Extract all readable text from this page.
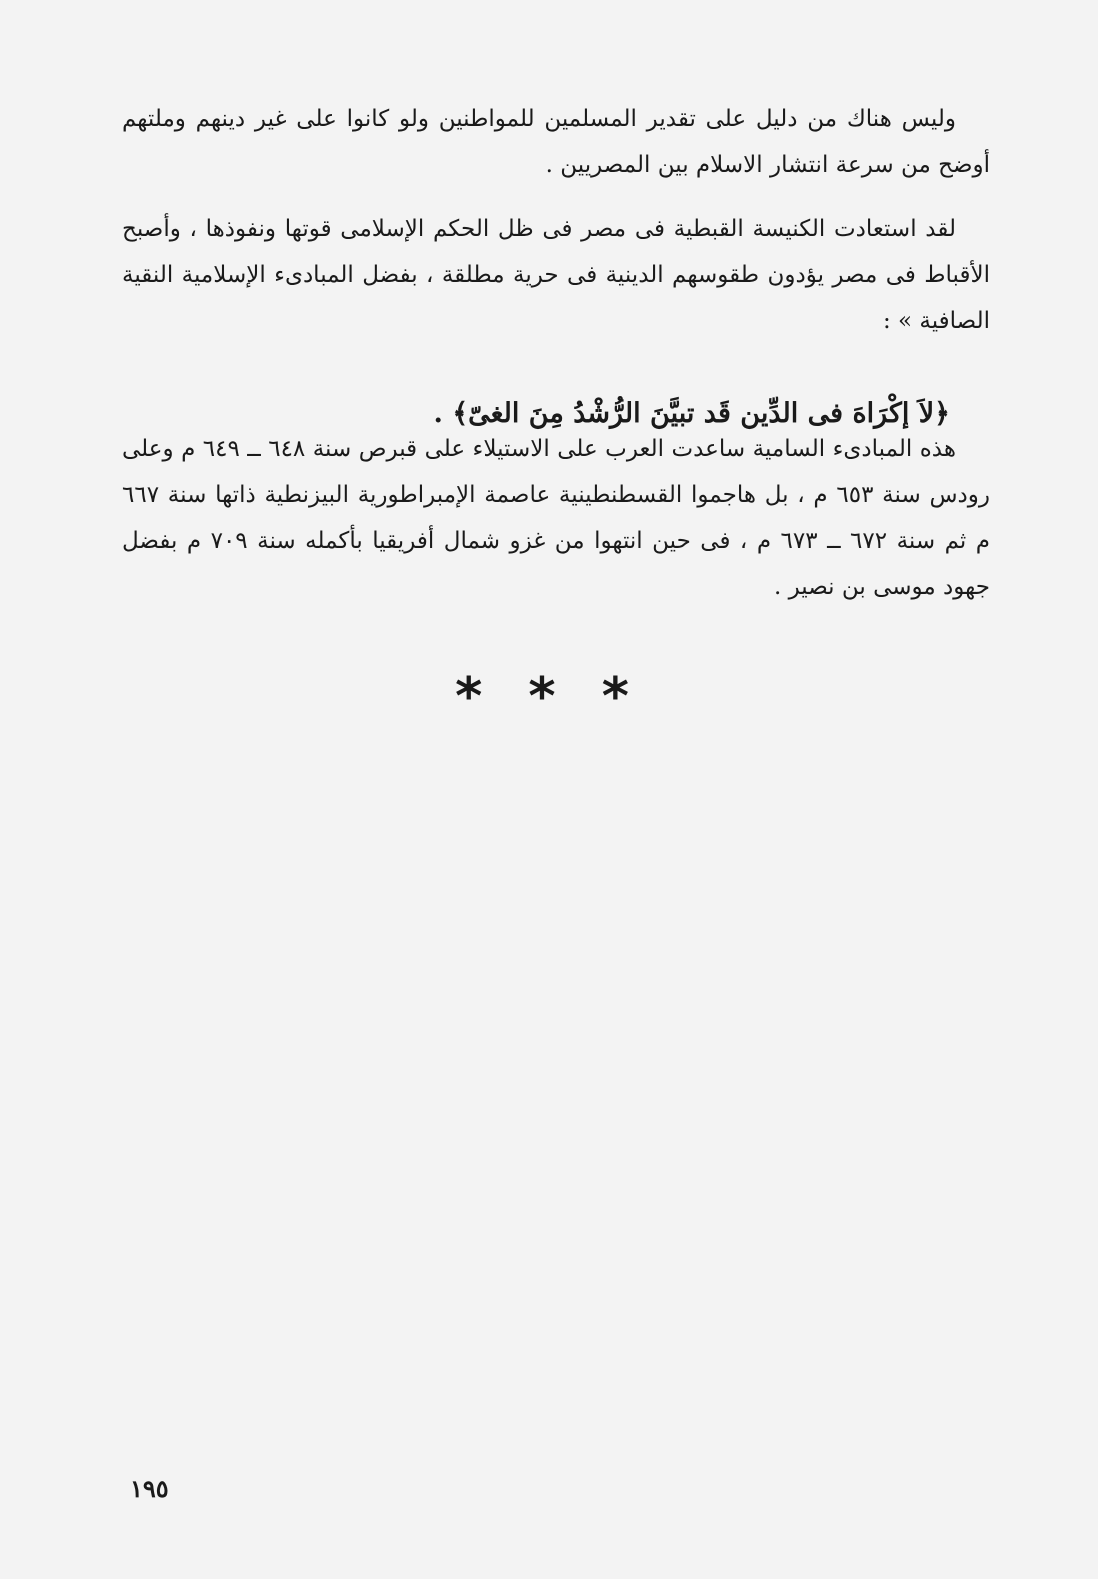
وليس هناك من دليل على تقدير المسلمين للمواطنين ولو كانوا على غير دينهم وملتهم أوضح من سرعة انتشار الاسلام بين المصريين .

لقد استعادت الكنيسة القبطية فى مصر فى ظل الحكم الإسلامى قوتها ونفوذها ، وأصبح الأقباط فى مصر يؤدون طقوسهم الدينية فى حرية مطلقة ، بفضل المبادىء الإسلامية النقية الصافية » :

﴿لاَ إكْرَاهَ فى الدِّين قَد تبيَّنَ الرُّشْدُ مِنَ الغىّ﴾ .

هذه المبادىء السامية ساعدت العرب على الاستيلاء على قبرص سنة ٦٤٨ ــ ٦٤٩ م وعلى رودس سنة ٦٥٣ م ، بل هاجموا القسطنطينية عاصمة الإمبراطورية البيزنطية ذاتها سنة ٦٦٧ م ثم سنة ٦٧٢ ــ ٦٧٣ م ، فى حين انتهوا من غزو شمال أفريقيا بأكمله سنة ٧٠٩ م بفضل جهود موسى بن نصير .

* * *
١٩٥
